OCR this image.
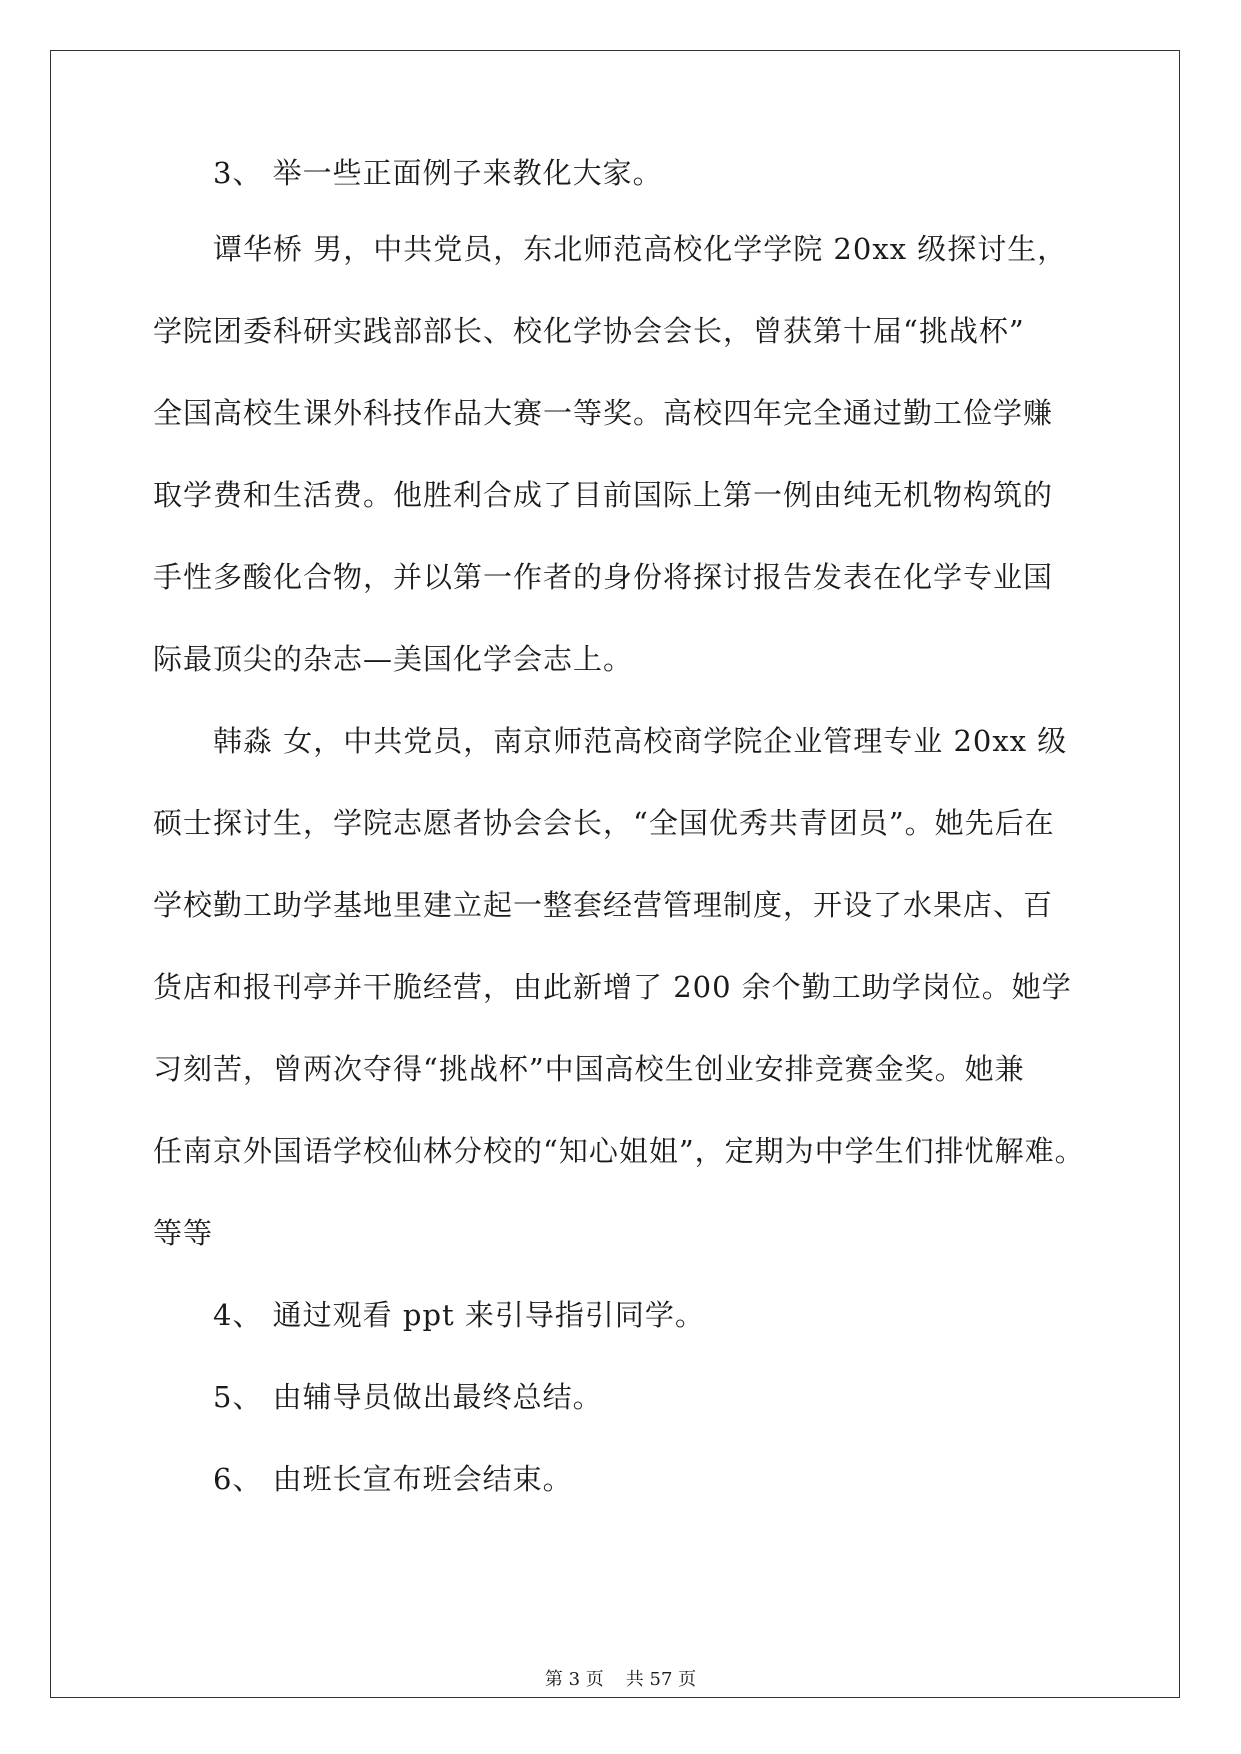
3、 举一些正面例子来教化大家。
谭华桥 男，中共党员，东北师范高校化学学院 20xx 级探讨生，
学院团委科研实践部部长、校化学协会会长，曾获第十届“挑战杯”
全国高校生课外科技作品大赛一等奖。高校四年完全通过勤工俭学赚
取学费和生活费。他胜利合成了目前国际上第一例由纯无机物构筑的
手性多酸化合物，并以第一作者的身份将探讨报告发表在化学专业国
际最顶尖的杂志—美国化学会志上。
韩淼 女，中共党员，南京师范高校商学院企业管理专业 20xx 级
硕士探讨生，学院志愿者协会会长，“全国优秀共青团员”。她先后在
学校勤工助学基地里建立起一整套经营管理制度，开设了水果店、百
货店和报刊亭并干脆经营，由此新增了 200 余个勤工助学岗位。她学
习刻苦，曾两次夺得“挑战杯”中国高校生创业安排竞赛金奖。她兼
任南京外国语学校仙林分校的“知心姐姐”，定期为中学生们排忧解难。
等等
4、 通过观看 ppt 来引导指引同学。
5、 由辅导员做出最终总结。
6、 由班长宣布班会结束。
第 3 页 共 57 页
